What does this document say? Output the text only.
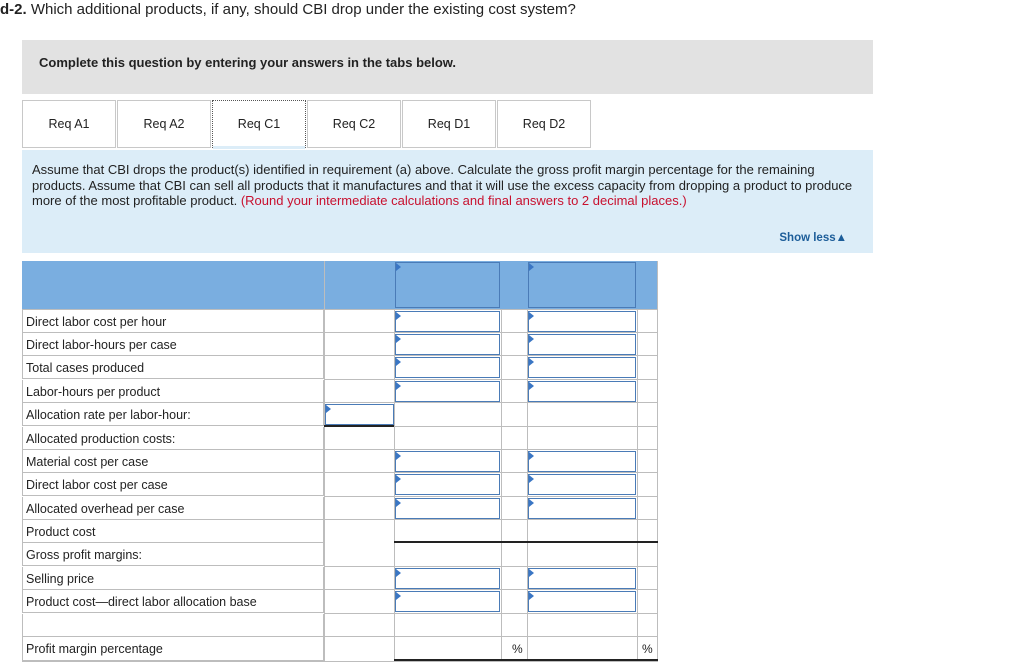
d-2. Which additional products, if any, should CBI drop under the existing cost system?
Complete this question by entering your answers in the tabs below.
Req A1	Req A2	Req C1	Req C2	Req D1	Req D2
Assume that CBI drops the product(s) identified in requirement (a) above. Calculate the gross profit margin percentage for the remaining products. Assume that CBI can sell all products that it manufactures and that it will use the excess capacity from dropping a product to produce more of the most profitable product. (Round your intermediate calculations and final answers to 2 decimal places.)
Show less▲
Direct labor cost per hour
Direct labor-hours per case
Total cases produced
Labor-hours per product
Allocation rate per labor-hour:
Allocated production costs:
Material cost per case
Direct labor cost per case
Allocated overhead per case
Product cost
Gross profit margins:
Selling price
Product cost—direct labor allocation base
Profit margin percentage	%	%
